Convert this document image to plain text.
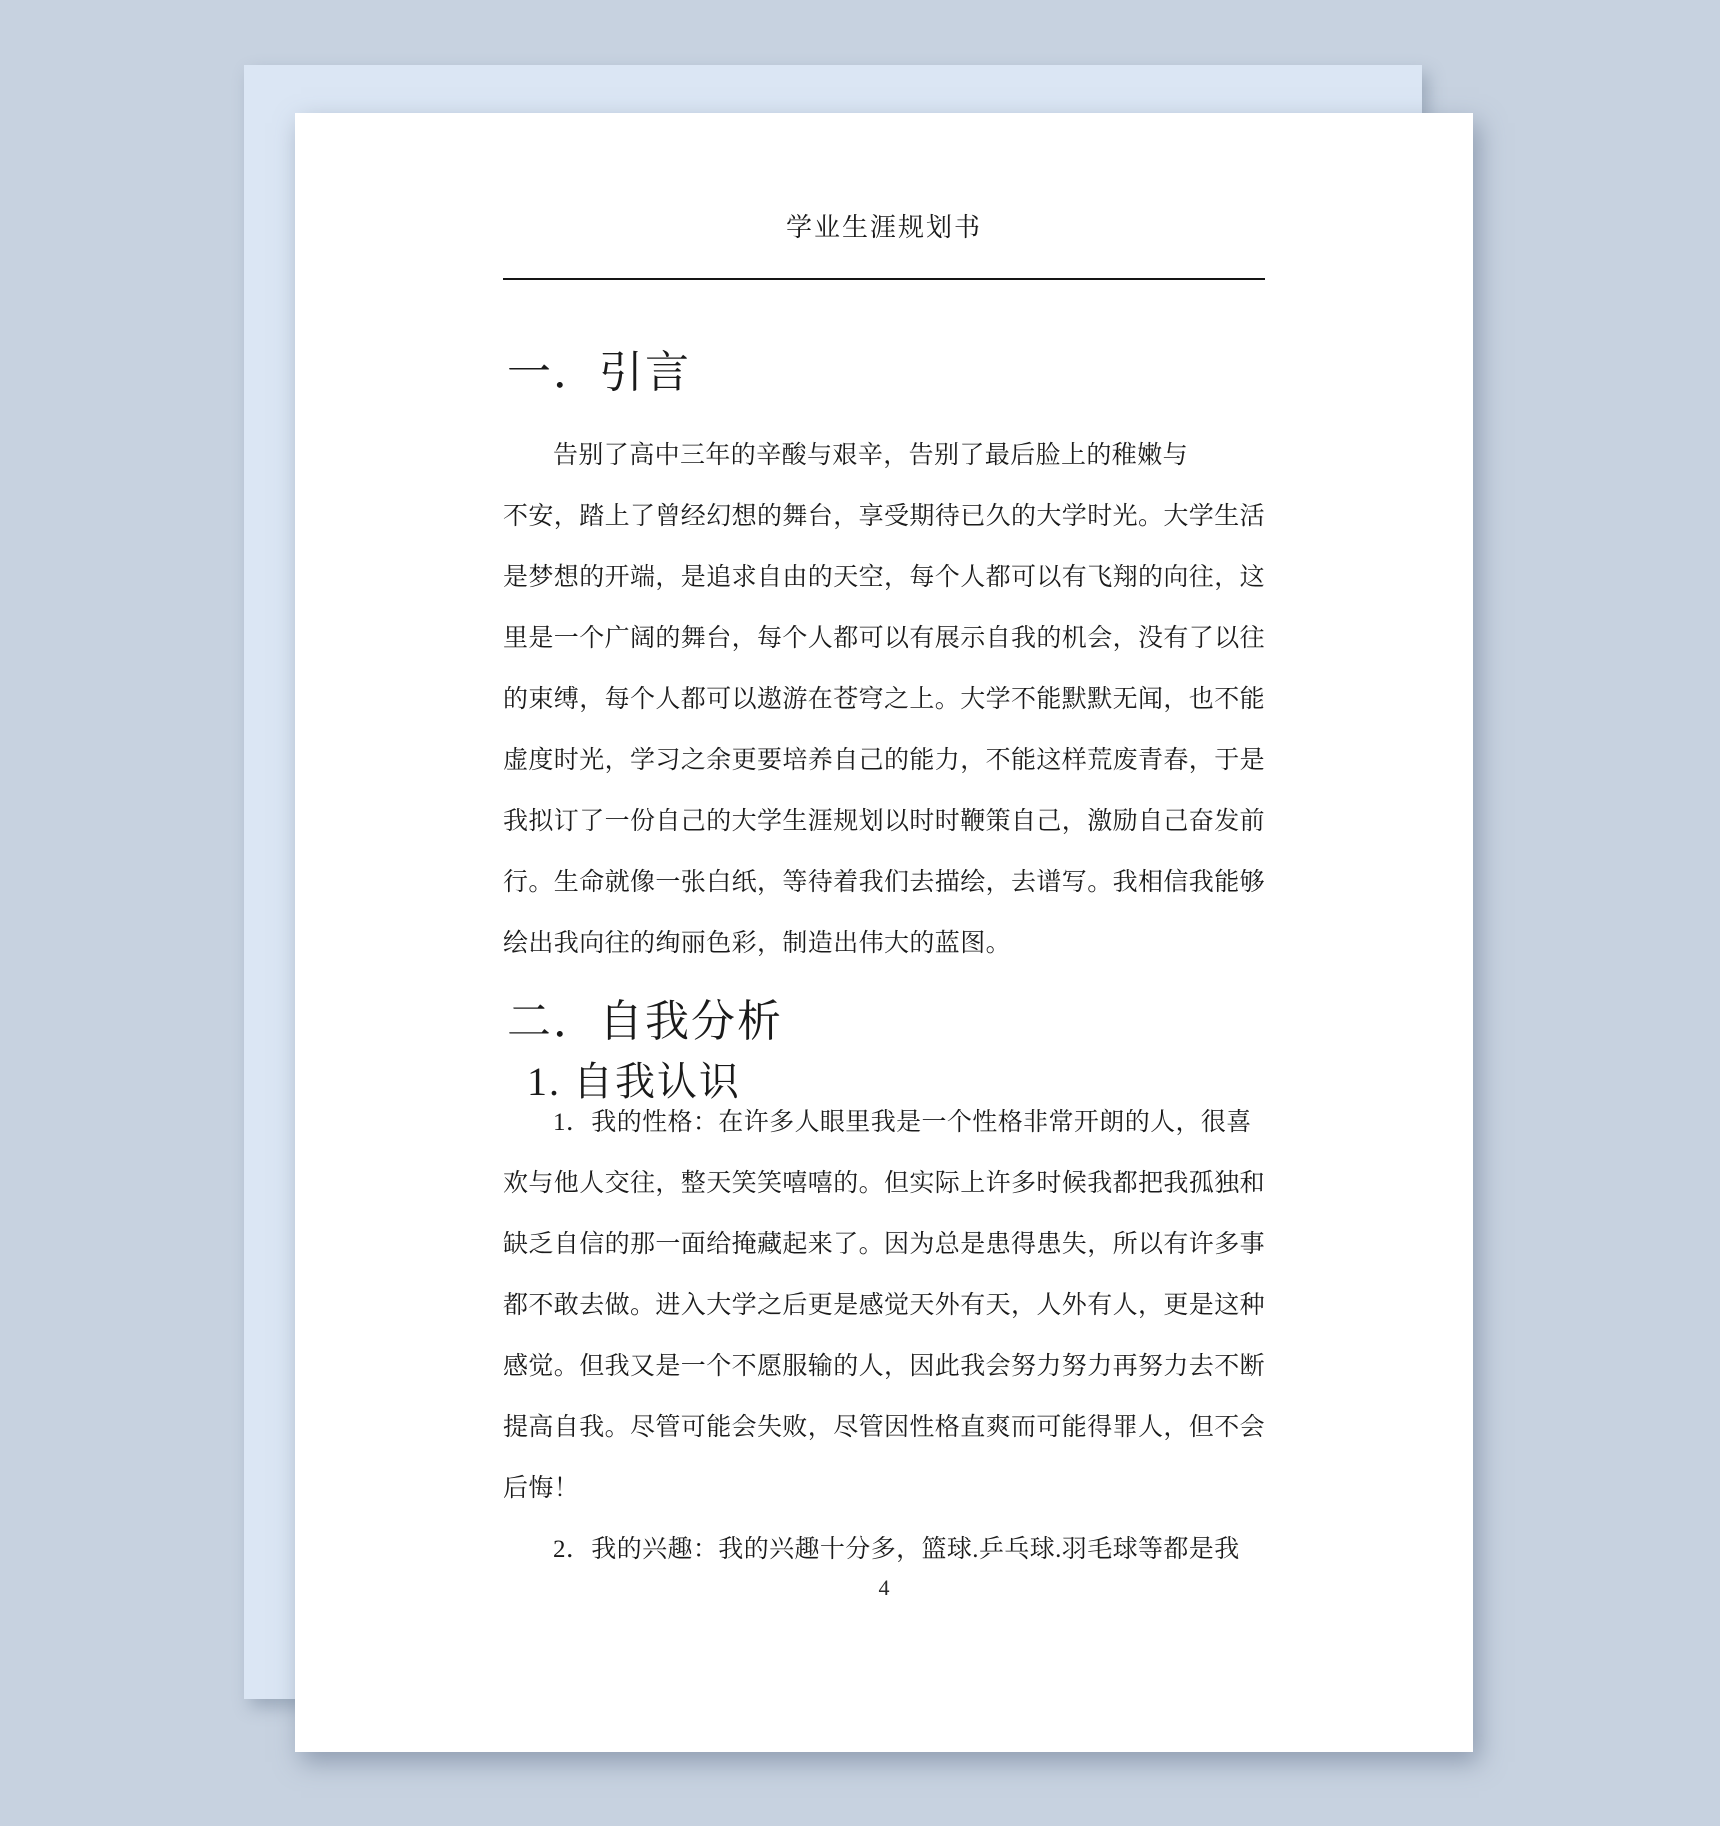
学业生涯规划书
一．引言
告别了高中三年的辛酸与艰辛，告别了最后脸上的稚嫩与
不安，踏上了曾经幻想的舞台，享受期待已久的大学时光。大学生活
是梦想的开端，是追求自由的天空，每个人都可以有飞翔的向往，这
里是一个广阔的舞台，每个人都可以有展示自我的机会，没有了以往
的束缚，每个人都可以遨游在苍穹之上。大学不能默默无闻，也不能
虚度时光，学习之余更要培养自己的能力，不能这样荒废青春，于是
我拟订了一份自己的大学生涯规划以时时鞭策自己，激励自己奋发前
行。生命就像一张白纸，等待着我们去描绘，去谱写。我相信我能够
绘出我向往的绚丽色彩，制造出伟大的蓝图。
二．自我分析
1. 自我认识
1．我的性格：在许多人眼里我是一个性格非常开朗的人，很喜
欢与他人交往，整天笑笑嘻嘻的。但实际上许多时候我都把我孤独和
缺乏自信的那一面给掩藏起来了。因为总是患得患失，所以有许多事
都不敢去做。进入大学之后更是感觉天外有天，人外有人，更是这种
感觉。但我又是一个不愿服输的人，因此我会努力努力再努力去不断
提高自我。尽管可能会失败，尽管因性格直爽而可能得罪人，但不会
后悔！
2．我的兴趣：我的兴趣十分多，篮球.乒乓球.羽毛球等都是我
4
